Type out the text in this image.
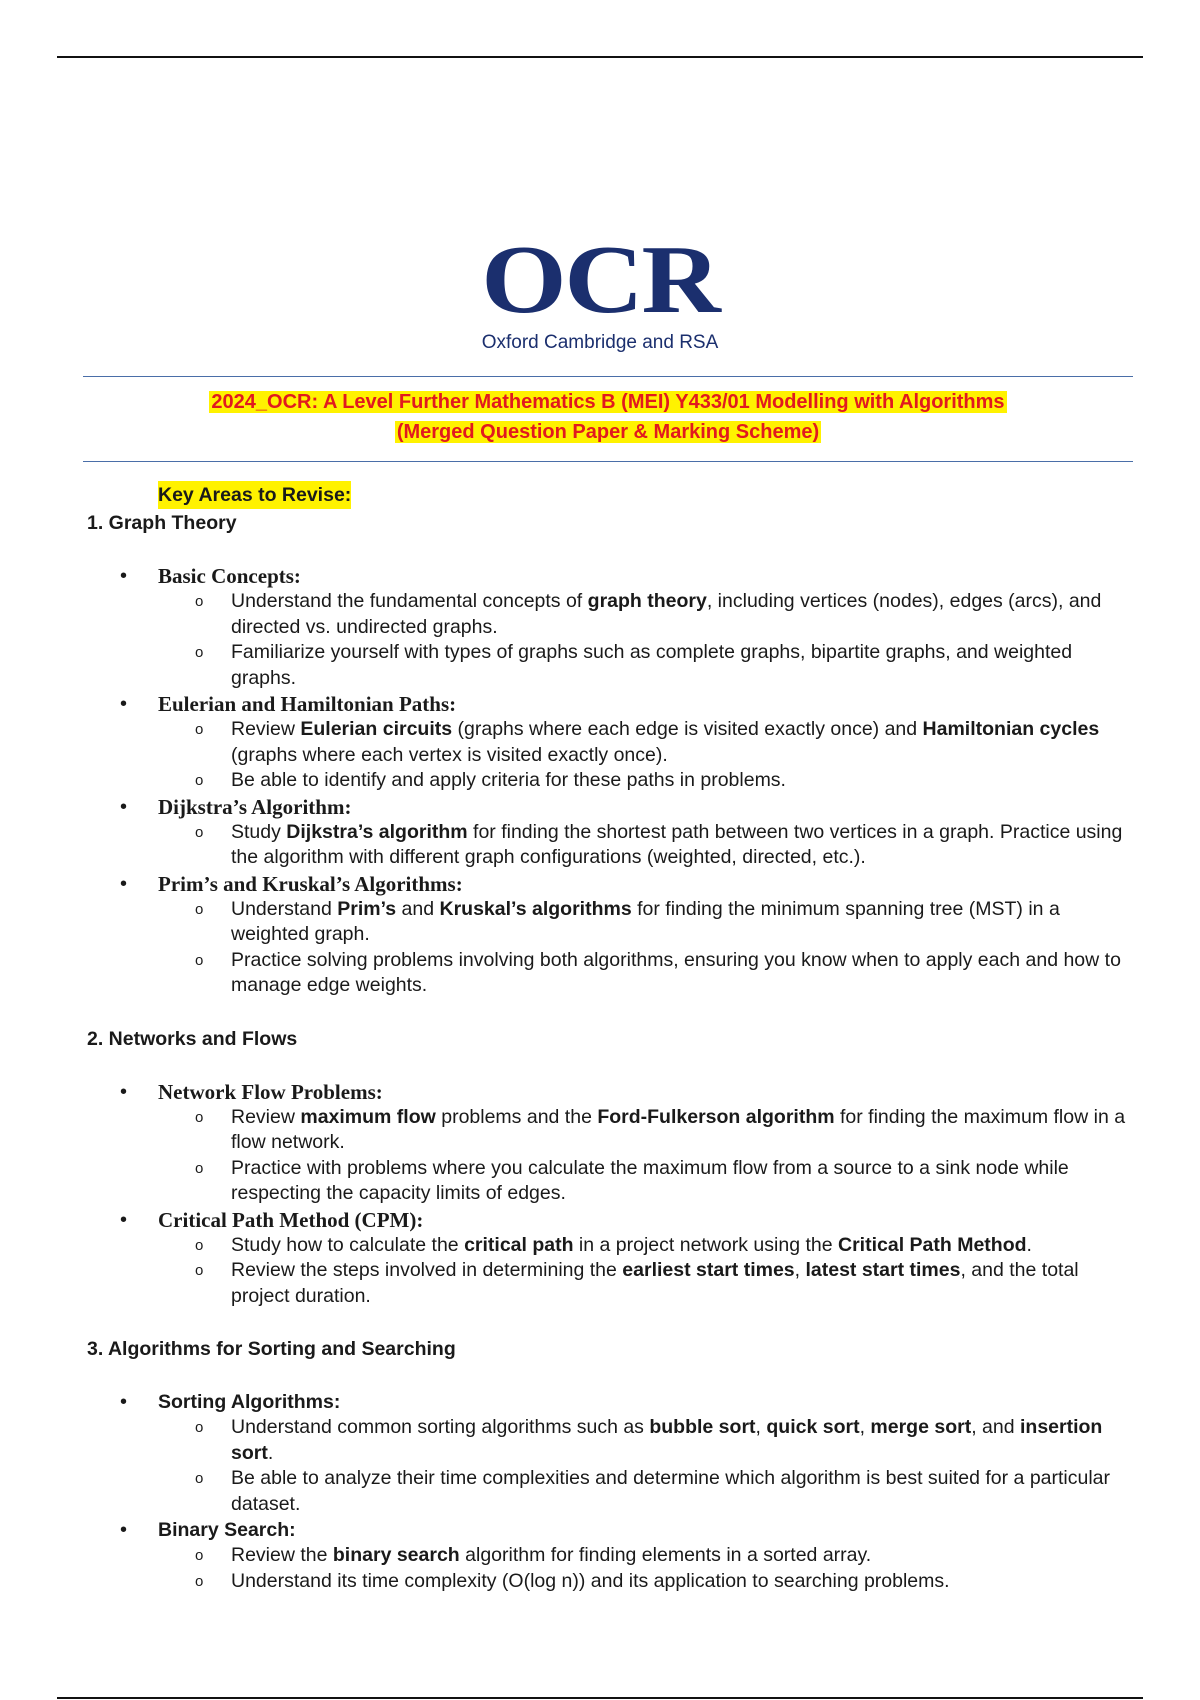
OCR
Oxford Cambridge and RSA
2024_OCR: A Level Further Mathematics B (MEI) Y433/01 Modelling with Algorithms
(Merged Question Paper & Marking Scheme)
Key Areas to Revise:
1. Graph Theory
• Basic Concepts:
o Understand the fundamental concepts of graph theory, including vertices (nodes), edges (arcs), and directed vs. undirected graphs.
o Familiarize yourself with types of graphs such as complete graphs, bipartite graphs, and weighted graphs.
• Eulerian and Hamiltonian Paths:
o Review Eulerian circuits (graphs where each edge is visited exactly once) and Hamiltonian cycles (graphs where each vertex is visited exactly once).
o Be able to identify and apply criteria for these paths in problems.
• Dijkstra’s Algorithm:
o Study Dijkstra’s algorithm for finding the shortest path between two vertices in a graph. Practice using the algorithm with different graph configurations (weighted, directed, etc.).
• Prim’s and Kruskal’s Algorithms:
o Understand Prim’s and Kruskal’s algorithms for finding the minimum spanning tree (MST) in a weighted graph.
o Practice solving problems involving both algorithms, ensuring you know when to apply each and how to manage edge weights.
2. Networks and Flows
• Network Flow Problems:
o Review maximum flow problems and the Ford-Fulkerson algorithm for finding the maximum flow in a flow network.
o Practice with problems where you calculate the maximum flow from a source to a sink node while respecting the capacity limits of edges.
• Critical Path Method (CPM):
o Study how to calculate the critical path in a project network using the Critical Path Method.
o Review the steps involved in determining the earliest start times, latest start times, and the total project duration.
3. Algorithms for Sorting and Searching
• Sorting Algorithms:
o Understand common sorting algorithms such as bubble sort, quick sort, merge sort, and insertion sort.
o Be able to analyze their time complexities and determine which algorithm is best suited for a particular dataset.
• Binary Search:
o Review the binary search algorithm for finding elements in a sorted array.
o Understand its time complexity (O(log n)) and its application to searching problems.
